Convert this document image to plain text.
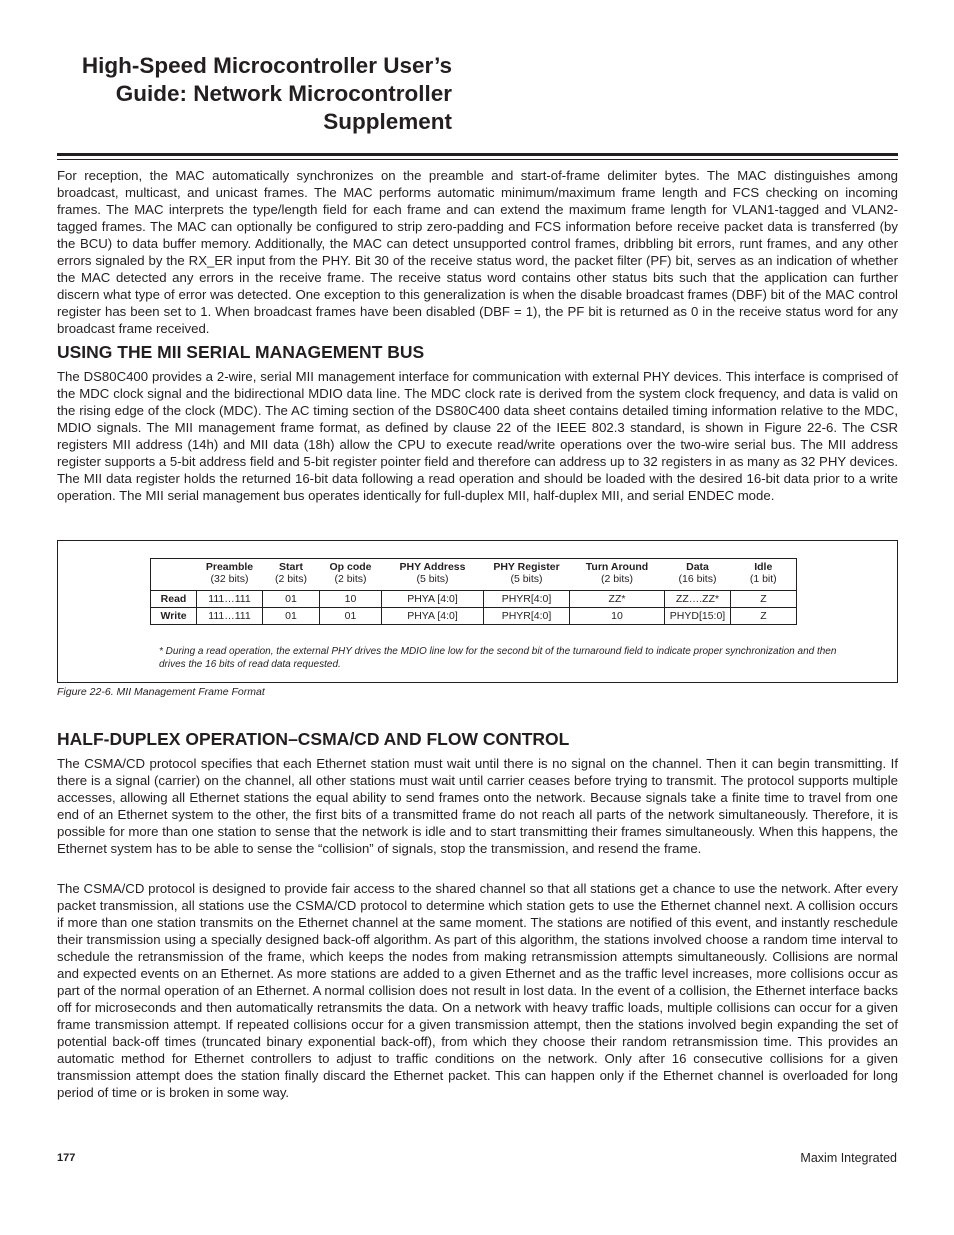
High-Speed Microcontroller User’s
Guide: Network Microcontroller
Supplement

For reception, the MAC automatically synchronizes on the preamble and start-of-frame delimiter bytes. The MAC distinguishes among broadcast, multicast, and unicast frames. The MAC performs automatic minimum/maximum frame length and FCS checking on incoming frames. The MAC interprets the type/length field for each frame and can extend the maximum frame length for VLAN1-tagged and VLAN2-tagged frames. The MAC can optionally be configured to strip zero-padding and FCS information before receive packet data is transferred (by the BCU) to data buffer memory. Additionally, the MAC can detect unsupported control frames, dribbling bit errors, runt frames, and any other errors signaled by the RX_ER input from the PHY. Bit 30 of the receive status word, the packet filter (PF) bit, serves as an indication of whether the MAC detected any errors in the receive frame. The receive status word contains other status bits such that the application can further discern what type of error was detected. One exception to this generalization is when the disable broadcast frames (DBF) bit of the MAC control register has been set to 1. When broadcast frames have been disabled (DBF = 1), the PF bit is returned as 0 in the receive status word for any broadcast frame received.

USING THE MII SERIAL MANAGEMENT BUS

The DS80C400 provides a 2-wire, serial MII management interface for communication with external PHY devices. This interface is comprised of the MDC clock signal and the bidirectional MDIO data line. The MDC clock rate is derived from the system clock frequency, and data is valid on the rising edge of the clock (MDC). The AC timing section of the DS80C400 data sheet contains detailed timing information relative to the MDC, MDIO signals. The MII management frame format, as defined by clause 22 of the IEEE 802.3 standard, is shown in Figure 22-6. The CSR registers MII address (14h) and MII data (18h) allow the CPU to execute read/write operations over the two-wire serial bus. The MII address register supports a 5-bit address field and 5-bit register pointer field and therefore can address up to 32 registers in as many as 32 PHY devices. The MII data register holds the returned 16-bit data following a read operation and should be loaded with the desired 16-bit data prior to a write operation. The MII serial management bus operates identically for full-duplex MII, half-duplex MII, and serial ENDEC mode.

	Preamble	Start	Op code	PHY Address	PHY Register	Turn Around	Data	Idle
	(32 bits)	(2 bits)	(2 bits)	(5 bits)	(5 bits)	(2 bits)	(16 bits)	(1 bit)
Read	111…111	01	10	PHYA [4:0]	PHYR[4:0]	ZZ*	ZZ….ZZ*	Z
Write	111…111	01	01	PHYA [4:0]	PHYR[4:0]	10	PHYD[15:0]	Z

* During a read operation, the external PHY drives the MDIO line low for the second bit of the turnaround field to indicate proper synchronization and then drives the 16 bits of read data requested.

Figure 22-6. MII Management Frame Format

HALF-DUPLEX OPERATION–CSMA/CD AND FLOW CONTROL

The CSMA/CD protocol specifies that each Ethernet station must wait until there is no signal on the channel. Then it can begin transmitting. If there is a signal (carrier) on the channel, all other stations must wait until carrier ceases before trying to transmit. The protocol supports multiple accesses, allowing all Ethernet stations the equal ability to send frames onto the network. Because signals take a finite time to travel from one end of an Ethernet system to the other, the first bits of a transmitted frame do not reach all parts of the network simultaneously. Therefore, it is possible for more than one station to sense that the network is idle and to start transmitting their frames simultaneously. When this happens, the Ethernet system has to be able to sense the “collision” of signals, stop the transmission, and resend the frame.

The CSMA/CD protocol is designed to provide fair access to the shared channel so that all stations get a chance to use the network. After every packet transmission, all stations use the CSMA/CD protocol to determine which station gets to use the Ethernet channel next. A collision occurs if more than one station transmits on the Ethernet channel at the same moment. The stations are notified of this event, and instantly reschedule their transmission using a specially designed back-off algorithm. As part of this algorithm, the stations involved choose a random time interval to schedule the retransmission of the frame, which keeps the nodes from making retransmission attempts simultaneously. Collisions are normal and expected events on an Ethernet. As more stations are added to a given Ethernet and as the traffic level increases, more collisions occur as part of the normal operation of an Ethernet. A normal collision does not result in lost data. In the event of a collision, the Ethernet interface backs off for microseconds and then automatically retransmits the data. On a network with heavy traffic loads, multiple collisions can occur for a given frame transmission attempt. If repeated collisions occur for a given transmission attempt, then the stations involved begin expanding the set of potential back-off times (truncated binary exponential back-off), from which they choose their random retransmission time. This provides an automatic method for Ethernet controllers to adjust to traffic conditions on the network. Only after 16 consecutive collisions for a given transmission attempt does the station finally discard the Ethernet packet. This can happen only if the Ethernet channel is overloaded for long period of time or is broken in some way.

177	Maxim Integrated
